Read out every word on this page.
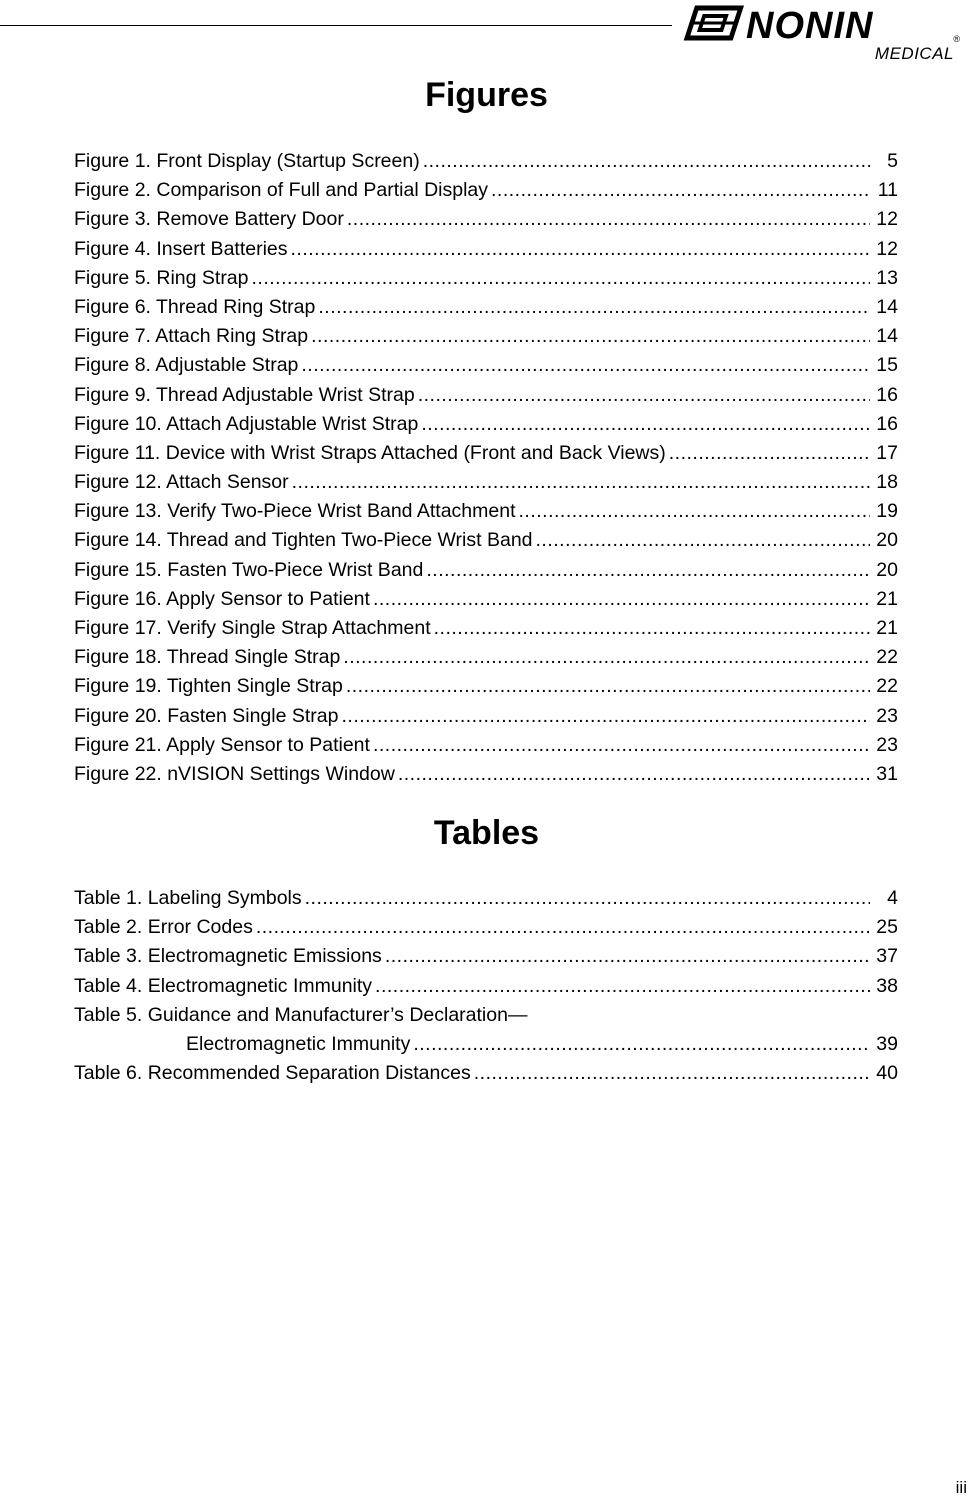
NONIN	®
MEDICAL
Figures
Figure 1. Front Display (Startup Screen) .....	5
Figure 2. Comparison of Full and Partial Display .....	11
Figure 3. Remove Battery Door .....	12
Figure 4. Insert Batteries .....	12
Figure 5. Ring Strap .....	13
Figure 6. Thread Ring Strap .....	14
Figure 7. Attach Ring Strap .....	14
Figure 8. Adjustable Strap .....	15
Figure 9. Thread Adjustable Wrist Strap .....	16
Figure 10. Attach Adjustable Wrist Strap .....	16
Figure 11. Device with Wrist Straps Attached (Front and Back Views) .....	17
Figure 12. Attach Sensor .....	18
Figure 13. Verify Two-Piece Wrist Band Attachment .....	19
Figure 14. Thread and Tighten Two-Piece Wrist Band .....	20
Figure 15. Fasten Two-Piece Wrist Band .....	20
Figure 16. Apply Sensor to Patient .....	21
Figure 17. Verify Single Strap Attachment .....	21
Figure 18. Thread Single Strap .....	22
Figure 19. Tighten Single Strap .....	22
Figure 20. Fasten Single Strap .....	23
Figure 21. Apply Sensor to Patient .....	23
Figure 22. nVISION Settings Window .....	31
Tables
Table 1. Labeling Symbols .....	4
Table 2. Error Codes .....	25
Table 3. Electromagnetic Emissions .....	37
Table 4. Electromagnetic Immunity .....	38
Table 5. Guidance and Manufacturer’s Declaration—
Electromagnetic Immunity .....	39
Table 6. Recommended Separation Distances .....	40
iii
